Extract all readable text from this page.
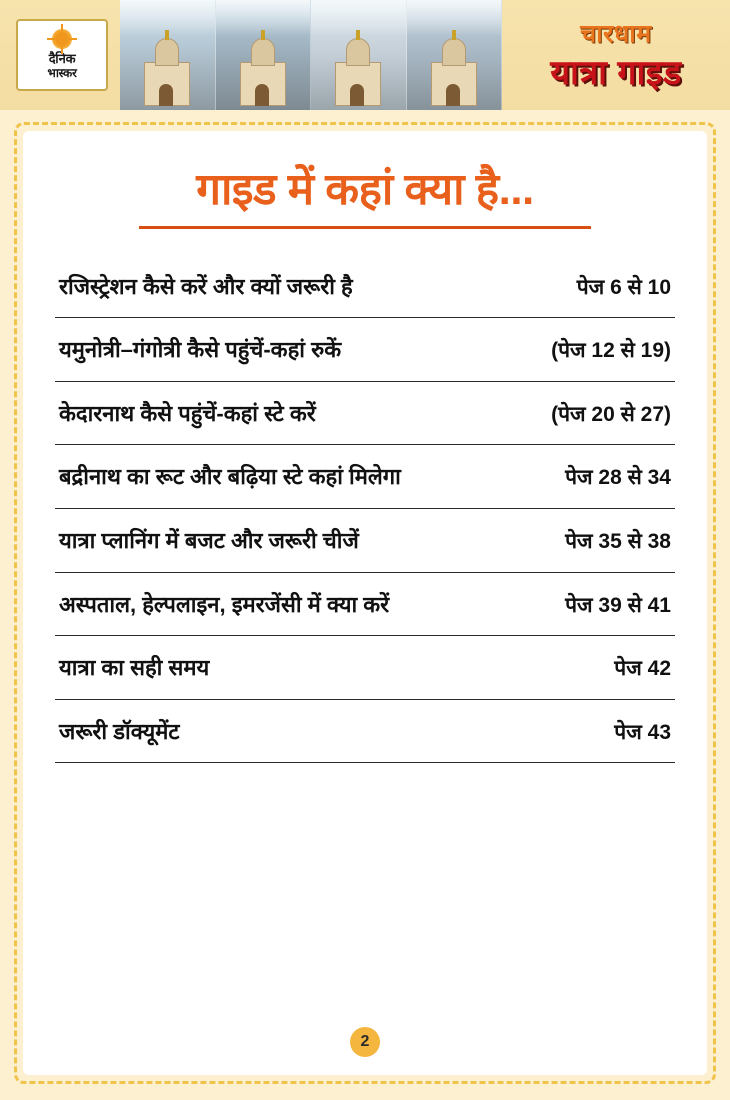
दैनिक
भास्कर
चारधाम
यात्रा गाइड
गाइड में कहां क्या है...
रजिस्ट्रेशन कैसे करें और क्यों जरूरी है	पेज 6 से 10
यमुनोत्री–गंगोत्री कैसे पहुंचें-कहां रुकें	(पेज 12 से 19)
केदारनाथ कैसे पहुंचें-कहां स्टे करें	(पेज 20 से 27)
बद्रीनाथ का रूट और बढ़िया स्टे कहां मिलेगा	पेज 28 से 34
यात्रा प्लानिंग में बजट और जरूरी चीजें	पेज 35 से 38
अस्पताल, हेल्पलाइन, इमरजेंसी में क्या करें	पेज 39 से 41
यात्रा का सही समय	पेज 42
जरूरी डॉक्यूमेंट	पेज 43
2
